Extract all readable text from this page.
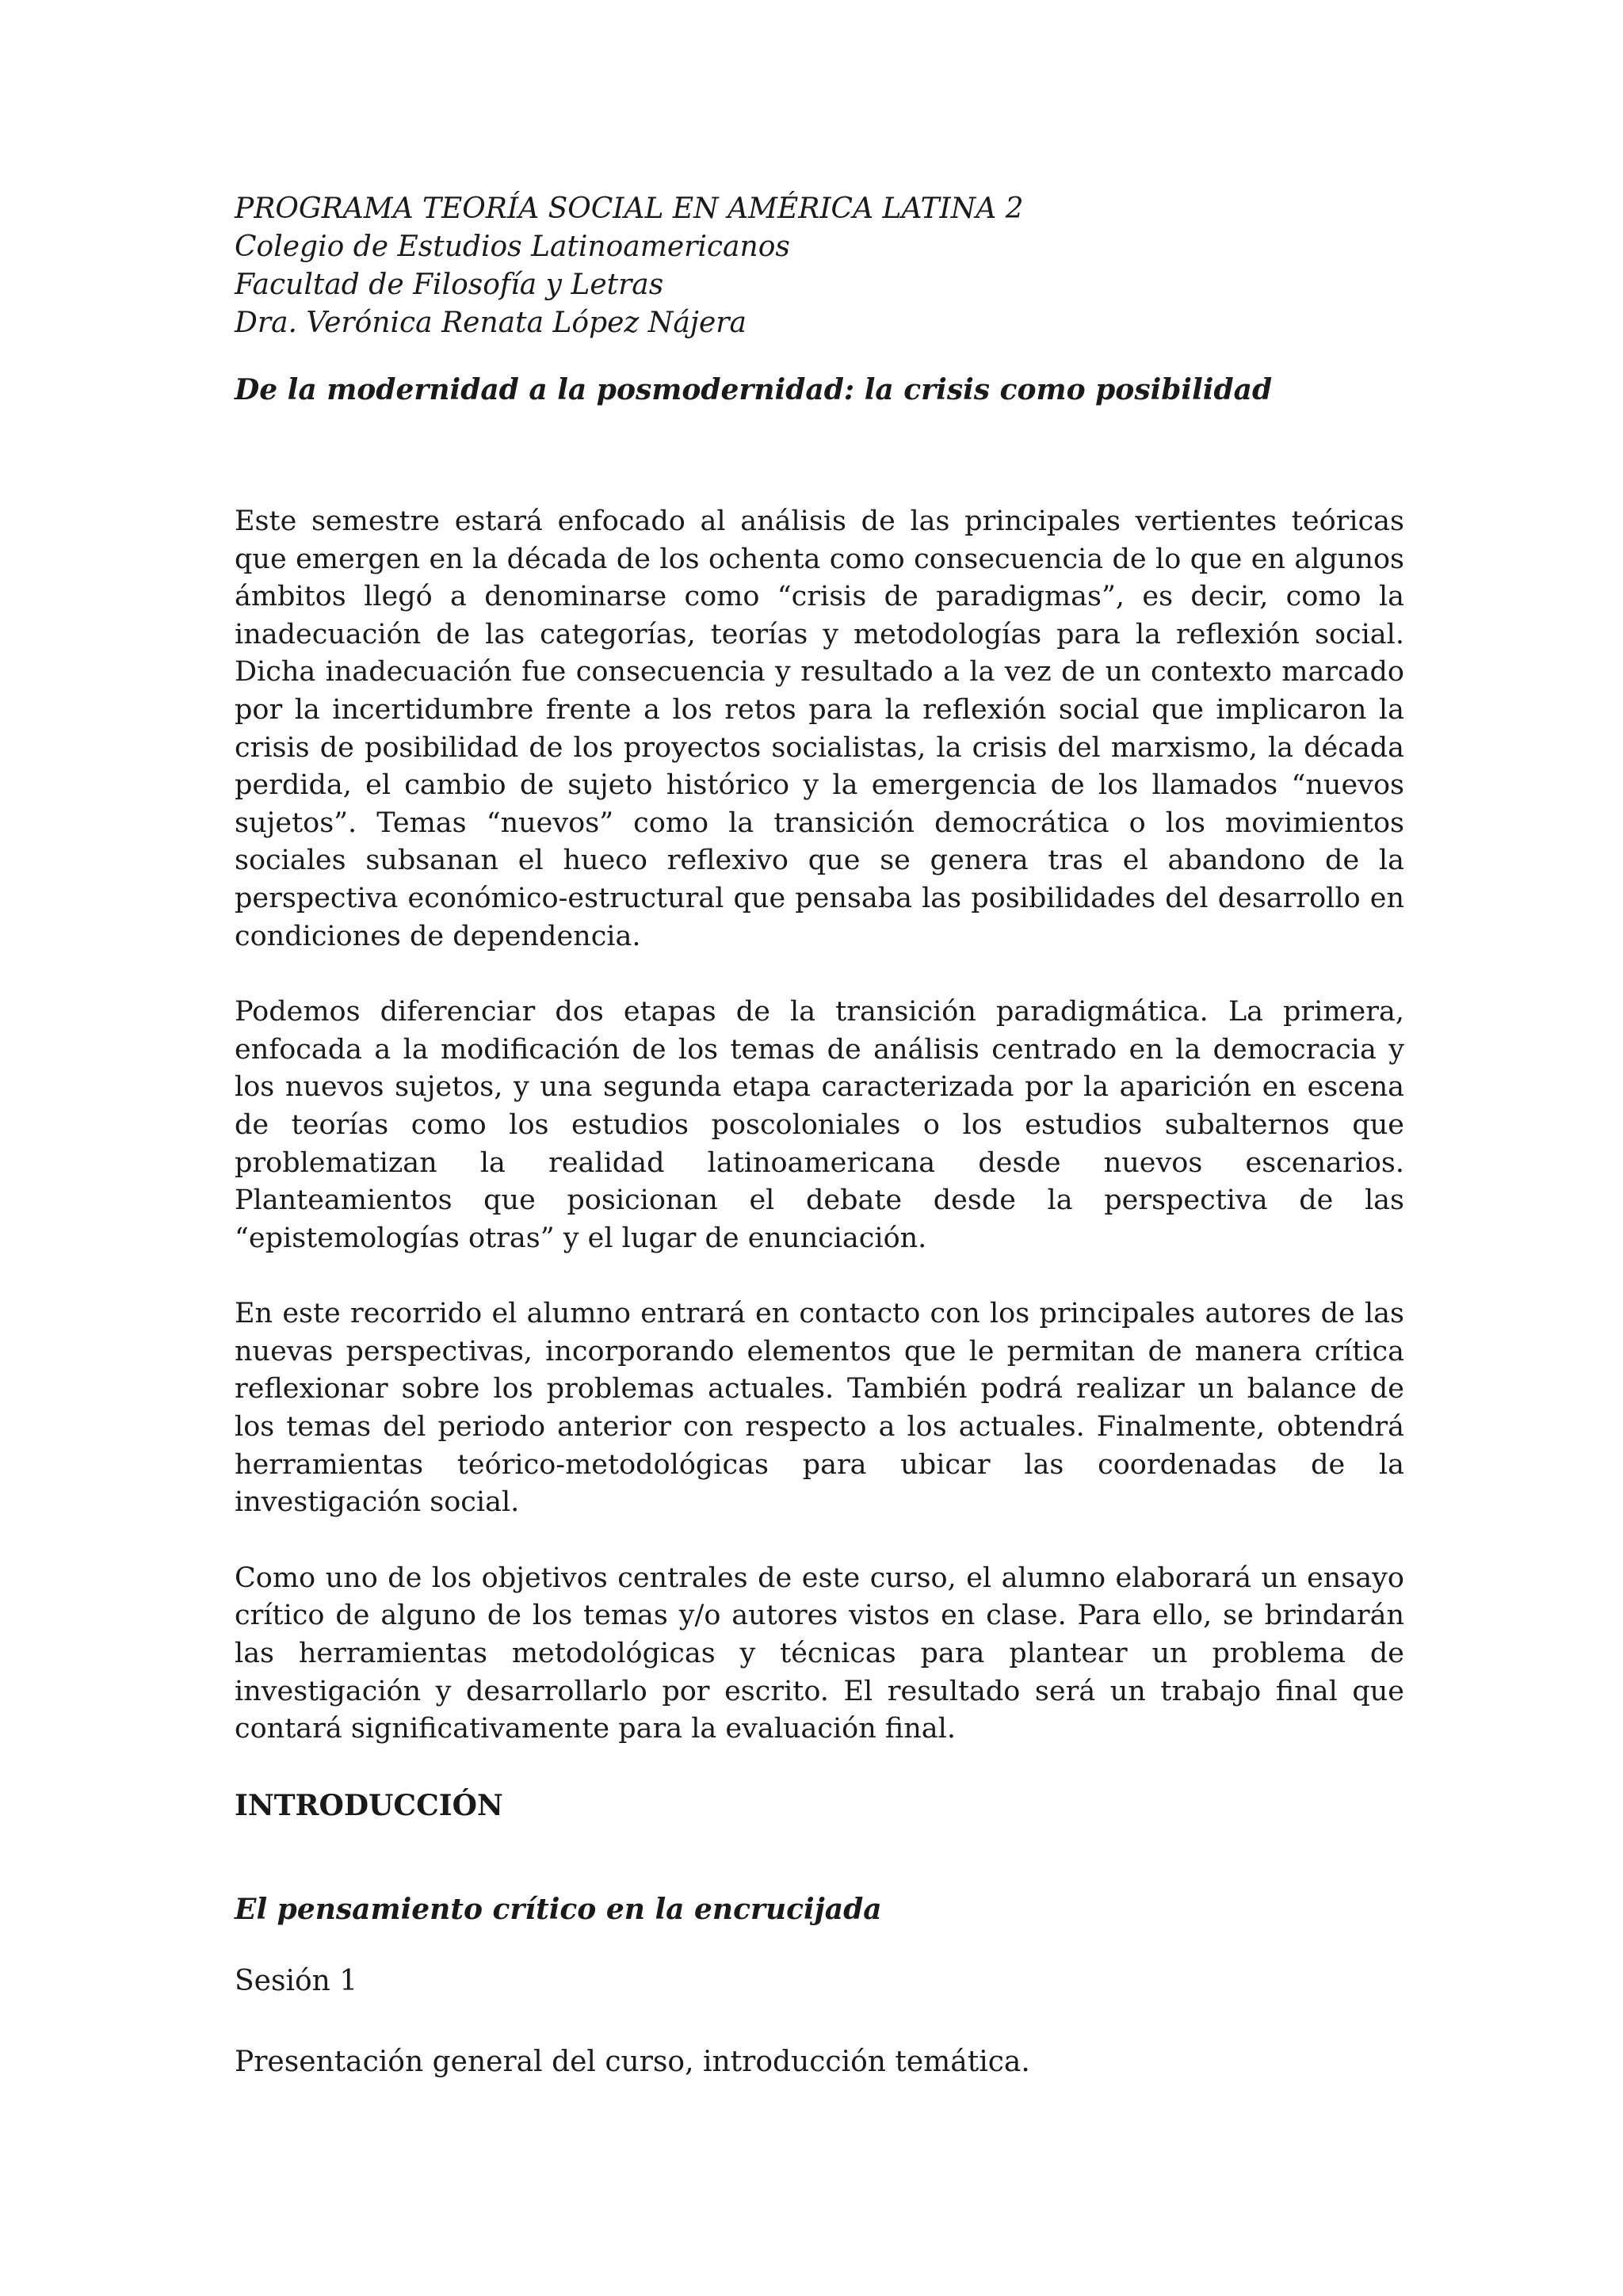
PROGRAMA TEORÍA SOCIAL EN AMÉRICA LATINA 2

Colegio de Estudios Latinoamericanos

Facultad de Filosofía y Letras

Dra. Verónica Renata López Nájera

De la modernidad a la posmodernidad: la crisis como posibilidad

Este semestre estará enfocado al análisis de las principales vertientes teóricas que emergen en la década de los ochenta como consecuencia de lo que en algunos ámbitos llegó a denominarse como “crisis de paradigmas”, es decir, como la inadecuación de las categorías, teorías y metodologías para la reflexión social. Dicha inadecuación fue consecuencia y resultado a la vez de un contexto marcado por la incertidumbre frente a los retos para la reflexión social que implicaron la crisis de posibilidad de los proyectos socialistas, la crisis del marxismo, la década perdida, el cambio de sujeto histórico y la emergencia de los llamados “nuevos sujetos”. Temas “nuevos” como la transición democrática o los movimientos sociales subsanan el hueco reflexivo que se genera tras el abandono de la perspectiva económico-estructural que pensaba las posibilidades del desarrollo en condiciones de dependencia.

Podemos diferenciar dos etapas de la transición paradigmática. La primera, enfocada a la modificación de los temas de análisis centrado en la democracia y los nuevos sujetos, y una segunda etapa caracterizada por la aparición en escena de teorías como los estudios poscoloniales o los estudios subalternos que problematizan la realidad latinoamericana desde nuevos escenarios. Planteamientos que posicionan el debate desde la perspectiva de las “epistemologías otras” y el lugar de enunciación.

En este recorrido el alumno entrará en contacto con los principales autores de las nuevas perspectivas, incorporando elementos que le permitan de manera crítica reflexionar sobre los problemas actuales. También podrá realizar un balance de los temas del periodo anterior con respecto a los actuales. Finalmente, obtendrá herramientas teórico-metodológicas para ubicar las coordenadas de la investigación social.

Como uno de los objetivos centrales de este curso, el alumno elaborará un ensayo crítico de alguno de los temas y/o autores vistos en clase. Para ello, se brindarán las herramientas metodológicas y técnicas para plantear un problema de investigación y desarrollarlo por escrito. El resultado será un trabajo final que contará significativamente para la evaluación final.

INTRODUCCIÓN

El pensamiento crítico en la encrucijada

Sesión 1

Presentación general del curso, introducción temática.
